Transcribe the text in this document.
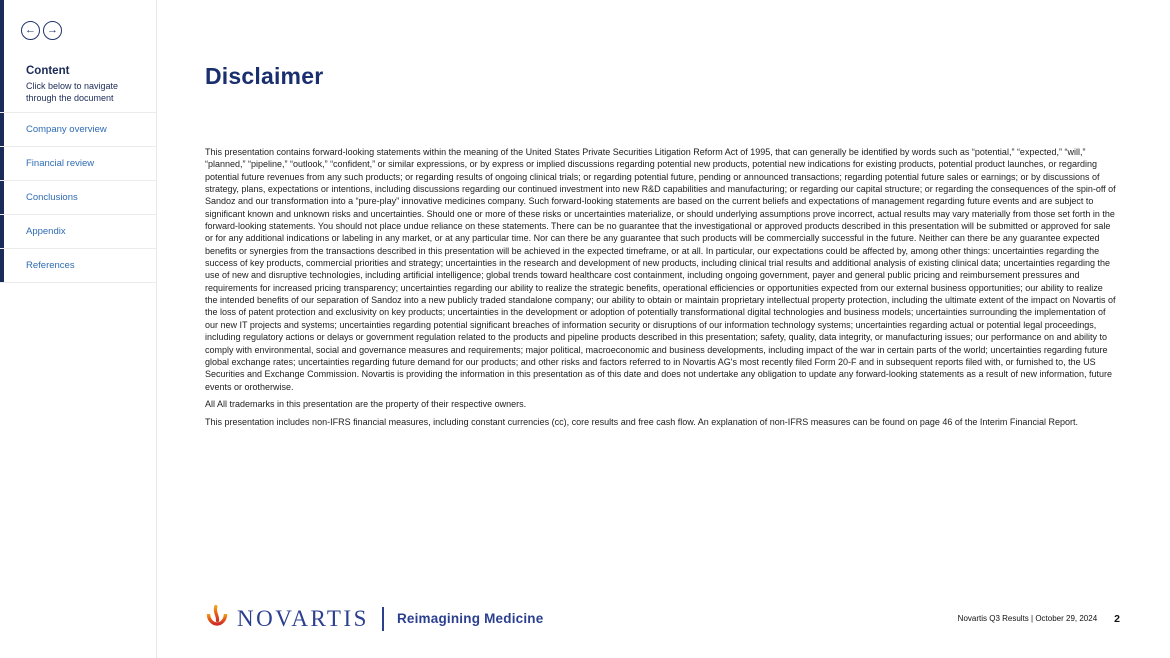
← →
Content

Click below to navigate through the document

Company overview
Financial review
Conclusions
Appendix
References
Disclaimer

This presentation contains forward-looking statements within the meaning of the United States Private Securities Litigation Reform Act of 1995, that can generally be identified by words such as “potential,” “expected,” “will,” “planned,” “pipeline,” “outlook,” “confident,” or similar expressions, or by express or implied discussions regarding potential new products, potential new indications for existing products, potential product launches, or regarding potential future revenues from any such products; or regarding results of ongoing clinical trials; or regarding potential future, pending or announced transactions; regarding potential future sales or earnings; or by discussions of strategy, plans, expectations or intentions, including discussions regarding our continued investment into new R&D capabilities and manufacturing; or regarding our capital structure; or regarding the consequences of the spin-off of Sandoz and our transformation into a “pure-play” innovative medicines company. Such forward-looking statements are based on the current beliefs and expectations of management regarding future events and are subject to significant known and unknown risks and uncertainties. Should one or more of these risks or uncertainties materialize, or should underlying assumptions prove incorrect, actual results may vary materially from those set forth in the forward-looking statements. You should not place undue reliance on these statements. There can be no guarantee that the investigational or approved products described in this presentation will be submitted or approved for sale or for any additional indications or labeling in any market, or at any particular time. Nor can there be any guarantee that such products will be commercially successful in the future. Neither can there be any guarantee expected benefits or synergies from the transactions described in this presentation will be achieved in the expected timeframe, or at all. In particular, our expectations could be affected by, among other things: uncertainties regarding the success of key products, commercial priorities and strategy; uncertainties in the research and development of new products, including clinical trial results and additional analysis of existing clinical data; uncertainties regarding the use of new and disruptive technologies, including artificial intelligence; global trends toward healthcare cost containment, including ongoing government, payer and general public pricing and reimbursement pressures and requirements for increased pricing transparency; uncertainties regarding our ability to realize the strategic benefits, operational efficiencies or opportunities expected from our external business opportunities; our ability to realize the intended benefits of our separation of Sandoz into a new publicly traded standalone company; our ability to obtain or maintain proprietary intellectual property protection, including the ultimate extent of the impact on Novartis of the loss of patent protection and exclusivity on key products; uncertainties in the development or adoption of potentially transformational digital technologies and business models; uncertainties surrounding the implementation of our new IT projects and systems; uncertainties regarding potential significant breaches of information security or disruptions of our information technology systems; uncertainties regarding actual or potential legal proceedings, including regulatory actions or delays or government regulation related to the products and pipeline products described in this presentation; safety, quality, data integrity, or manufacturing issues; our performance on and ability to comply with environmental, social and governance measures and requirements; major political, macroeconomic and business developments, including impact of the war in certain parts of the world; uncertainties regarding future global exchange rates; uncertainties regarding future demand for our products; and other risks and factors referred to in Novartis AG's most recently filed Form 20-F and in subsequent reports filed with, or furnished to, the US Securities and Exchange Commission. Novartis is providing the information in this presentation as of this date and does not undertake any obligation to update any forward-looking statements as a result of new information, future events or orotherwise.

All All trademarks in this presentation are the property of their respective owners.

This presentation includes non-IFRS financial measures, including constant currencies (cc), core results and free cash flow. An explanation of non-IFRS measures can be found on page 46 of the Interim Financial Report.

NOVARTIS Reimagining Medicine	Novartis Q3 Results | October 29, 2024 2
